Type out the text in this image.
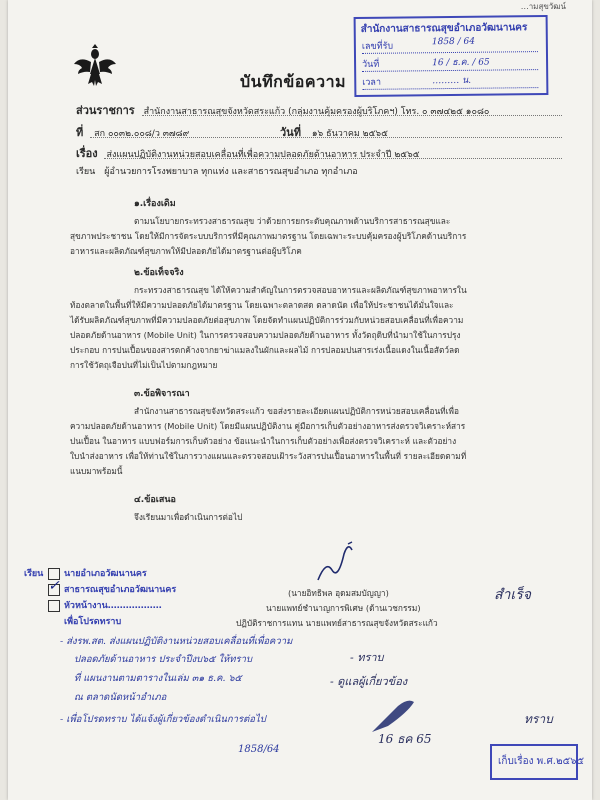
…ามสุขวัฒน์
สำนักงานสาธารณสุขอำเภอวัฒนานคร
เลขที่รับ	1858 / 64
วันที่	16 / ธ.ค. / 65
เวลา	……… น.
บันทึกข้อความ
ส่วนราชการ สำนักงานสาธารณสุขจังหวัดสระแก้ว (กลุ่มงานคุ้มครองผู้บริโภคฯ) โทร. ๐ ๓๗๔๒๕ ๑๐๘๐
ที่ สก ๐๐๓๒.๐๐๘/ว ๓๗๘๙	วันที่ ๑๖ ธันวาคม ๒๕๖๕
เรื่อง ส่งแผนปฏิบัติงานหน่วยสอบเคลื่อนที่เพื่อความปลอดภัยด้านอาหาร ประจำปี ๒๕๖๕
เรียน ผู้อำนวยการโรงพยาบาล ทุกแห่ง และสาธารณสุขอำเภอ ทุกอำเภอ
๑.เรื่องเดิม
ตามนโยบายกระทรวงสาธารณสุข ว่าด้วยการยกระดับคุณภาพด้านบริการสาธารณสุขและ
สุขภาพประชาชน โดยให้มีการจัดระบบบริการที่มีคุณภาพมาตรฐาน โดยเฉพาะระบบคุ้มครองผู้บริโภคด้านบริการ
อาหารและผลิตภัณฑ์สุขภาพให้มีปลอดภัยได้มาตรฐานต่อผู้บริโภค
๒.ข้อเท็จจริง
กระทรวงสาธารณสุข ได้ให้ความสำคัญในการตรวจสอบอาหารและผลิตภัณฑ์สุขภาพอาหารใน
ท้องตลาดในพื้นที่ให้มีความปลอดภัยได้มาตรฐาน โดยเฉพาะตลาดสด ตลาดนัด เพื่อให้ประชาชนได้มั่นใจและ
ได้รับผลิตภัณฑ์สุขภาพที่มีความปลอดภัยต่อสุขภาพ โดยจัดทำแผนปฏิบัติการร่วมกับหน่วยสอบเคลื่อนที่เพื่อความ
ปลอดภัยด้านอาหาร (Mobile Unit) ในการตรวจสอบความปลอดภัยด้านอาหาร ทั้งวัตถุดิบที่นำมาใช้ในการปรุง
ประกอบ การปนเปื้อนของสารตกค้างจากยาฆ่าแมลงในผักและผลไม้ การปลอมปนสารเร่งเนื้อแดงในเนื้อสัตว์ลด
การใช้วัตถุเจือปนที่ไม่เป็นไปตามกฎหมาย
๓.ข้อพิจารณา
สำนักงานสาธารณสุขจังหวัดสระแก้ว ขอส่งรายละเอียดแผนปฏิบัติการหน่วยสอบเคลื่อนที่เพื่อ
ความปลอดภัยด้านอาหาร (Mobile Unit) โดยมีแผนปฏิบัติงาน คู่มือการเก็บตัวอย่างอาหารส่งตรวจวิเคราะห์สาร
ปนเปื้อน ในอาหาร แบบฟอร์มการเก็บตัวอย่าง ข้อแนะนำในการเก็บตัวอย่างเพื่อส่งตรวจวิเคราะห์ และตัวอย่าง
ใบนำส่งอาหาร เพื่อให้ท่านใช้ในการวางแผนและตรวจสอบเฝ้าระวังสารปนเปื้อนอาหารในพื้นที่ รายละเอียดตามที่
แนบมาพร้อมนี้
๔.ข้อเสนอ
จึงเรียนมาเพื่อดำเนินการต่อไป
(นายอิทธิพล อุดมสมบัญญา)
นายแพทย์ชำนาญการพิเศษ (ด้านเวชกรรม)
ปฏิบัติราชการแทน นายแพทย์สาธารณสุขจังหวัดสระแก้ว
เรียน นายอำเภอวัฒนานคร
✓ สาธารณสุขอำเภอวัฒนานคร
หัวหน้างาน………………
เพื่อโปรดทราบ
- ส่งรพ.สต. ส่งแผนปฏิบัติงานหน่วยสอบเคลื่อนที่เพื่อความ
ปลอดภัยด้านอาหาร ประจำปีงบ๖๕ ให้ทราบ
ที่ แผนงานตามตารางในเล่ม ๓๑ ธ.ค. ๖๕
ณ ตลาดนัดหน้าอำเภอ
- เพื่อโปรดทราบ ได้แจ้งผู้เกี่ยวข้องดำเนินการต่อไป
1858/64
สำเร็จ
- ทราบ
- ดูแลผู้เกี่ยวข้อง
16 ธค 65
ทราบ
เก็บเรื่อง พ.ศ.๒๕๖๕
